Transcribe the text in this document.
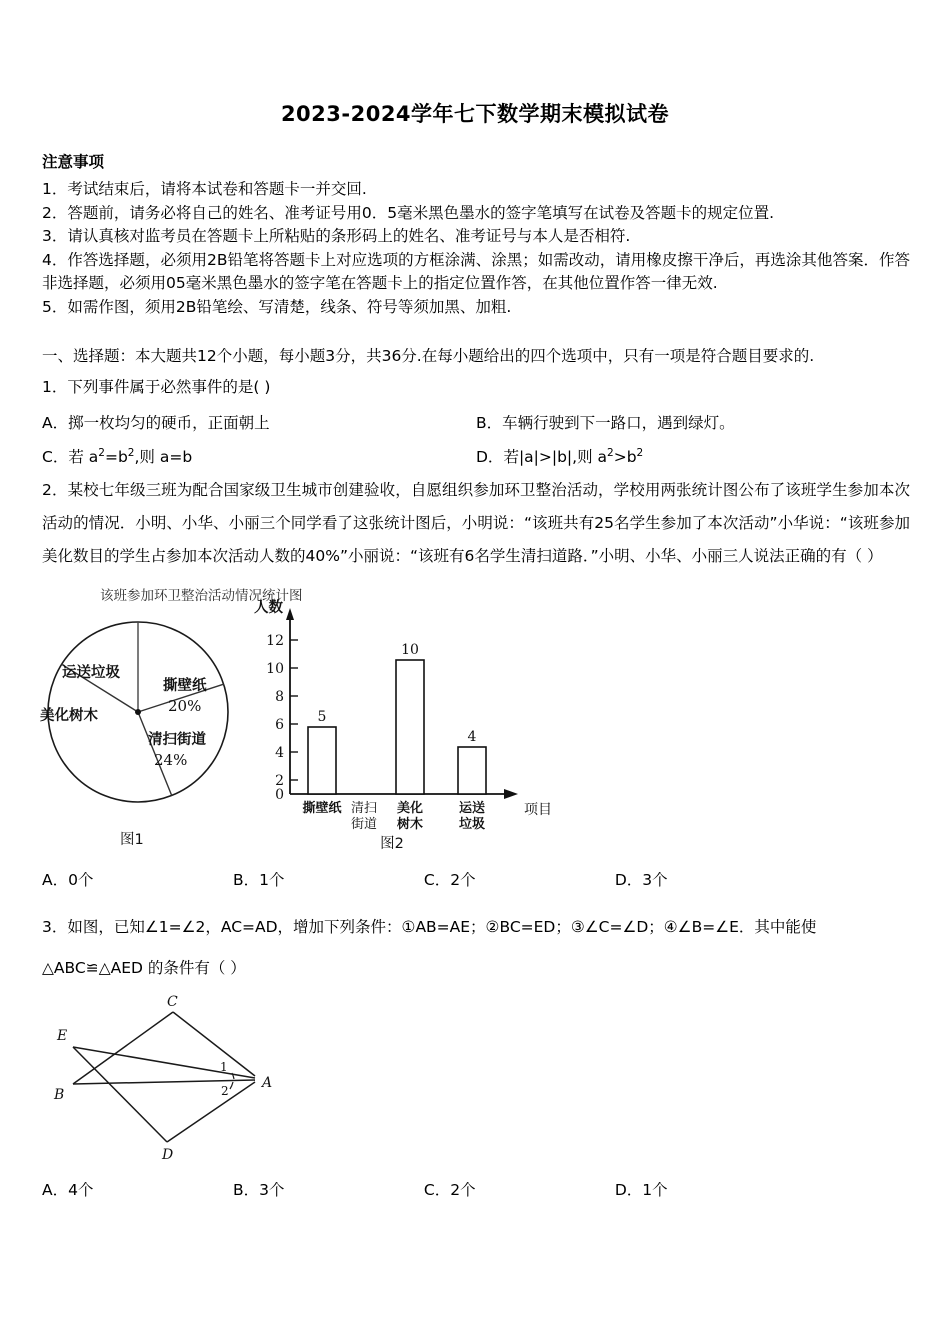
2023-2024学年七下数学期末模拟试卷
注意事项
1．考试结束后，请将本试卷和答题卡一并交回.
2．答题前，请务必将自己的姓名、准考证号用0．5毫米黑色墨水的签字笔填写在试卷及答题卡的规定位置.
3．请认真核对监考员在答题卡上所粘贴的条形码上的姓名、准考证号与本人是否相符.
4．作答选择题，必须用2B铅笔将答题卡上对应选项的方框涂满、涂黑；如需改动，请用橡皮擦干净后，再选涂其他答案．作答非选择题，必须用05毫米黑色墨水的签字笔在答题卡上的指定位置作答，在其他位置作答一律无效.
5．如需作图，须用2B铅笔绘、写清楚，线条、符号等须加黑、加粗.
一、选择题：本大题共12个小题，每小题3分，共36分.在每小题给出的四个选项中，只有一项是符合题目要求的.
1．下列事件属于必然事件的是( )
A．掷一枚均匀的硬币，正面朝上	B．车辆行驶到下一路口，遇到绿灯。
C．若 $a^2=b^2$,则 a=b	D．若|a|>|b|,则 $a^2>b^2$
2．某校七年级三班为配合国家级卫生城市创建验收，自愿组织参加环卫整治活动，学校用两张统计图公布了该班学生参加本次活动的情况．小明、小华、小丽三个同学看了这张统计图后，小明说：“该班共有25名学生参加了本次活动”小华说：“该班参加美化数目的学生占参加本次活动人数的40%”小丽说：“该班有6名学生清扫道路．”小明、小华、小丽三人说法正确的有（ ）
该班参加环卫整治活动情况统计图
撕壁纸
20%
清扫街道
24%
美化树木
运送垃圾
图1
0
2
4
6
8
10
12
人数
5
10
4
撕壁纸 清扫
街道
美化
树木
运送
垃圾
项目
图2
A．0个	B．1个	C．2个	D．3个
3．如图，已知∠1=∠2，AC=AD，增加下列条件：①AB=AE；②BC=ED；③∠C=∠D；④∠B=∠E．其中能使
△ABC≌△AED 的条件有（ ）
C
E
B
A
D
1
2
A．4个	B．3个	C．2个	D．1个
